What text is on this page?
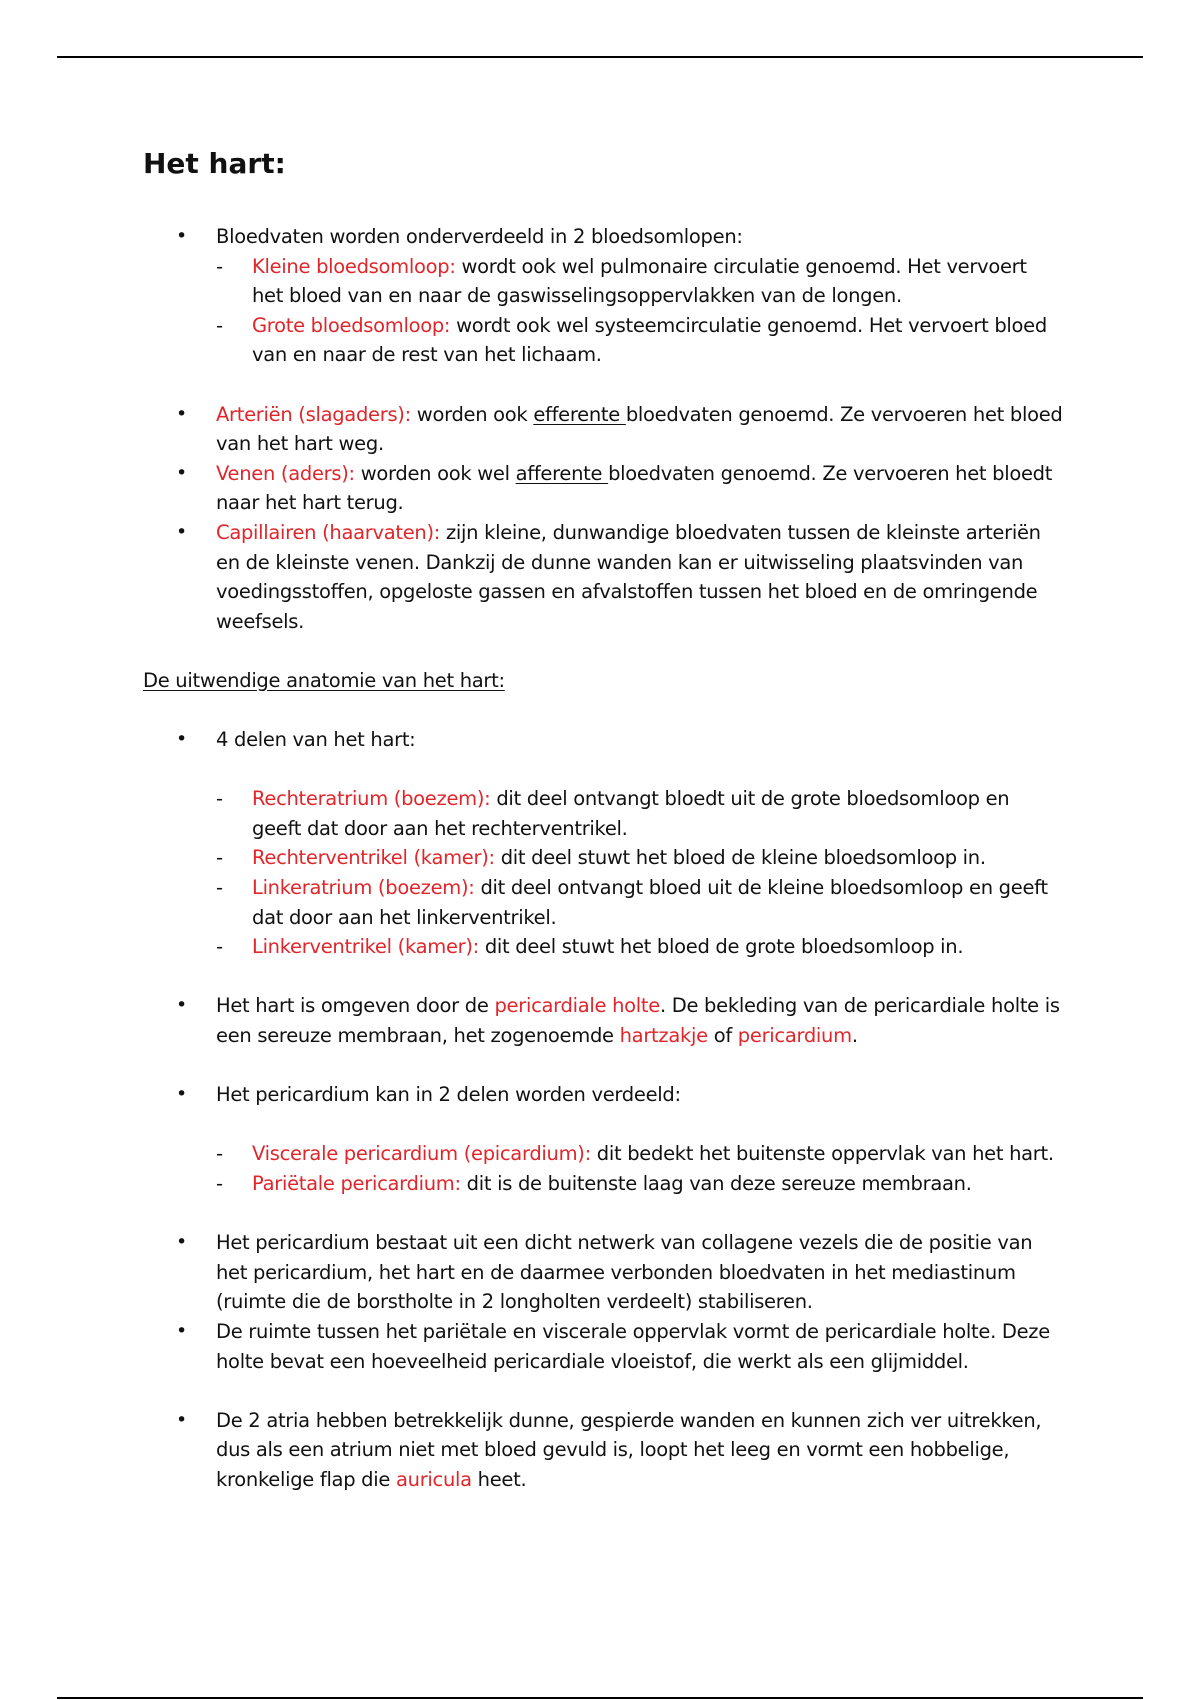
Het hart:
• Bloedvaten worden onderverdeeld in 2 bloedsomlopen:
- Kleine bloedsomloop: wordt ook wel pulmonaire circulatie genoemd. Het vervoert het bloed van en naar de gaswisselingsoppervlakken van de longen.
- Grote bloedsomloop: wordt ook wel systeemcirculatie genoemd. Het vervoert bloed van en naar de rest van het lichaam.
• Arteriën (slagaders): worden ook efferente bloedvaten genoemd. Ze vervoeren het bloed van het hart weg.
• Venen (aders): worden ook wel afferente bloedvaten genoemd. Ze vervoeren het bloedt naar het hart terug.
• Capillairen (haarvaten): zijn kleine, dunwandige bloedvaten tussen de kleinste arteriën en de kleinste venen. Dankzij de dunne wanden kan er uitwisseling plaatsvinden van voedingsstoffen, opgeloste gassen en afvalstoffen tussen het bloed en de omringende weefsels.
De uitwendige anatomie van het hart:
• 4 delen van het hart:
- Rechteratrium (boezem): dit deel ontvangt bloedt uit de grote bloedsomloop en geeft dat door aan het rechterventrikel.
- Rechterventrikel (kamer): dit deel stuwt het bloed de kleine bloedsomloop in.
- Linkeratrium (boezem): dit deel ontvangt bloed uit de kleine bloedsomloop en geeft dat door aan het linkerventrikel.
- Linkerventrikel (kamer): dit deel stuwt het bloed de grote bloedsomloop in.
• Het hart is omgeven door de pericardiale holte. De bekleding van de pericardiale holte is een sereuze membraan, het zogenoemde hartzakje of pericardium.
• Het pericardium kan in 2 delen worden verdeeld:
- Viscerale pericardium (epicardium): dit bedekt het buitenste oppervlak van het hart.
- Pariëtale pericardium: dit is de buitenste laag van deze sereuze membraan.
• Het pericardium bestaat uit een dicht netwerk van collagene vezels die de positie van het pericardium, het hart en de daarmee verbonden bloedvaten in het mediastinum (ruimte die de borstholte in 2 longholten verdeelt) stabiliseren.
• De ruimte tussen het pariëtale en viscerale oppervlak vormt de pericardiale holte. Deze holte bevat een hoeveelheid pericardiale vloeistof, die werkt als een glijmiddel.
• De 2 atria hebben betrekkelijk dunne, gespierde wanden en kunnen zich ver uitrekken, dus als een atrium niet met bloed gevuld is, loopt het leeg en vormt een hobbelige, kronkelige flap die auricula heet.
